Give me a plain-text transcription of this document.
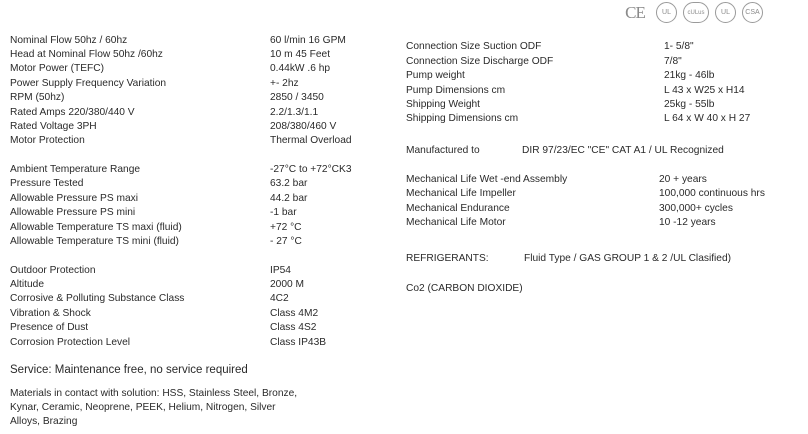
CE	UL	cULus	UL	CSA
Nominal Flow 50hz / 60hz	60 l/min 16 GPM
Head at Nominal Flow 50hz /60hz	10 m 45 Feet
Motor Power (TEFC)	0.44kW .6 hp
Power Supply Frequency Variation	+- 2hz
RPM (50hz)	2850 / 3450
Rated Amps 220/380/440 V	2.2/1.3/1.1
Rated Voltage 3PH	208/380/460 V
Motor Protection	Thermal Overload
Ambient Temperature Range	-27°C to +72°CK3
Pressure Tested	63.2 bar
Allowable Pressure PS maxi	44.2 bar
Allowable Pressure PS mini	-1 bar
Allowable Temperature TS maxi (fluid)	+72 °C
Allowable Temperature TS mini (fluid)	- 27 °C
Outdoor Protection	IP54
Altitude	2000 M
Corrosive & Polluting Substance Class	4C2
Vibration & Shock	Class 4M2
Presence of Dust	Class 4S2
Corrosion Protection Level	Class IP43B
Service: Maintenance free, no service required
Materials in contact with solution: HSS, Stainless Steel, Bronze,
Kynar, Ceramic, Neoprene, PEEK, Helium, Nitrogen, Silver
Alloys, Brazing
Connection Size Suction ODF	1- 5/8"
Connection Size Discharge ODF	7/8"
Pump weight	21kg - 46lb
Pump Dimensions cm	L 43 x W25 x H14
Shipping Weight	25kg - 55lb
Shipping Dimensions cm	L 64 x W 40 x H 27
Manufactured to	DIR 97/23/EC "CE" CAT A1 / UL Recognized
Mechanical Life Wet -end Assembly	20 + years
Mechanical Life Impeller	100,000 continuous hrs
Mechanical Endurance	300,000+ cycles
Mechanical Life Motor	10 -12 years
REFRIGERANTS:	Fluid Type / GAS GROUP 1 & 2 /UL Clasified)
Co2 (CARBON DIOXIDE)
